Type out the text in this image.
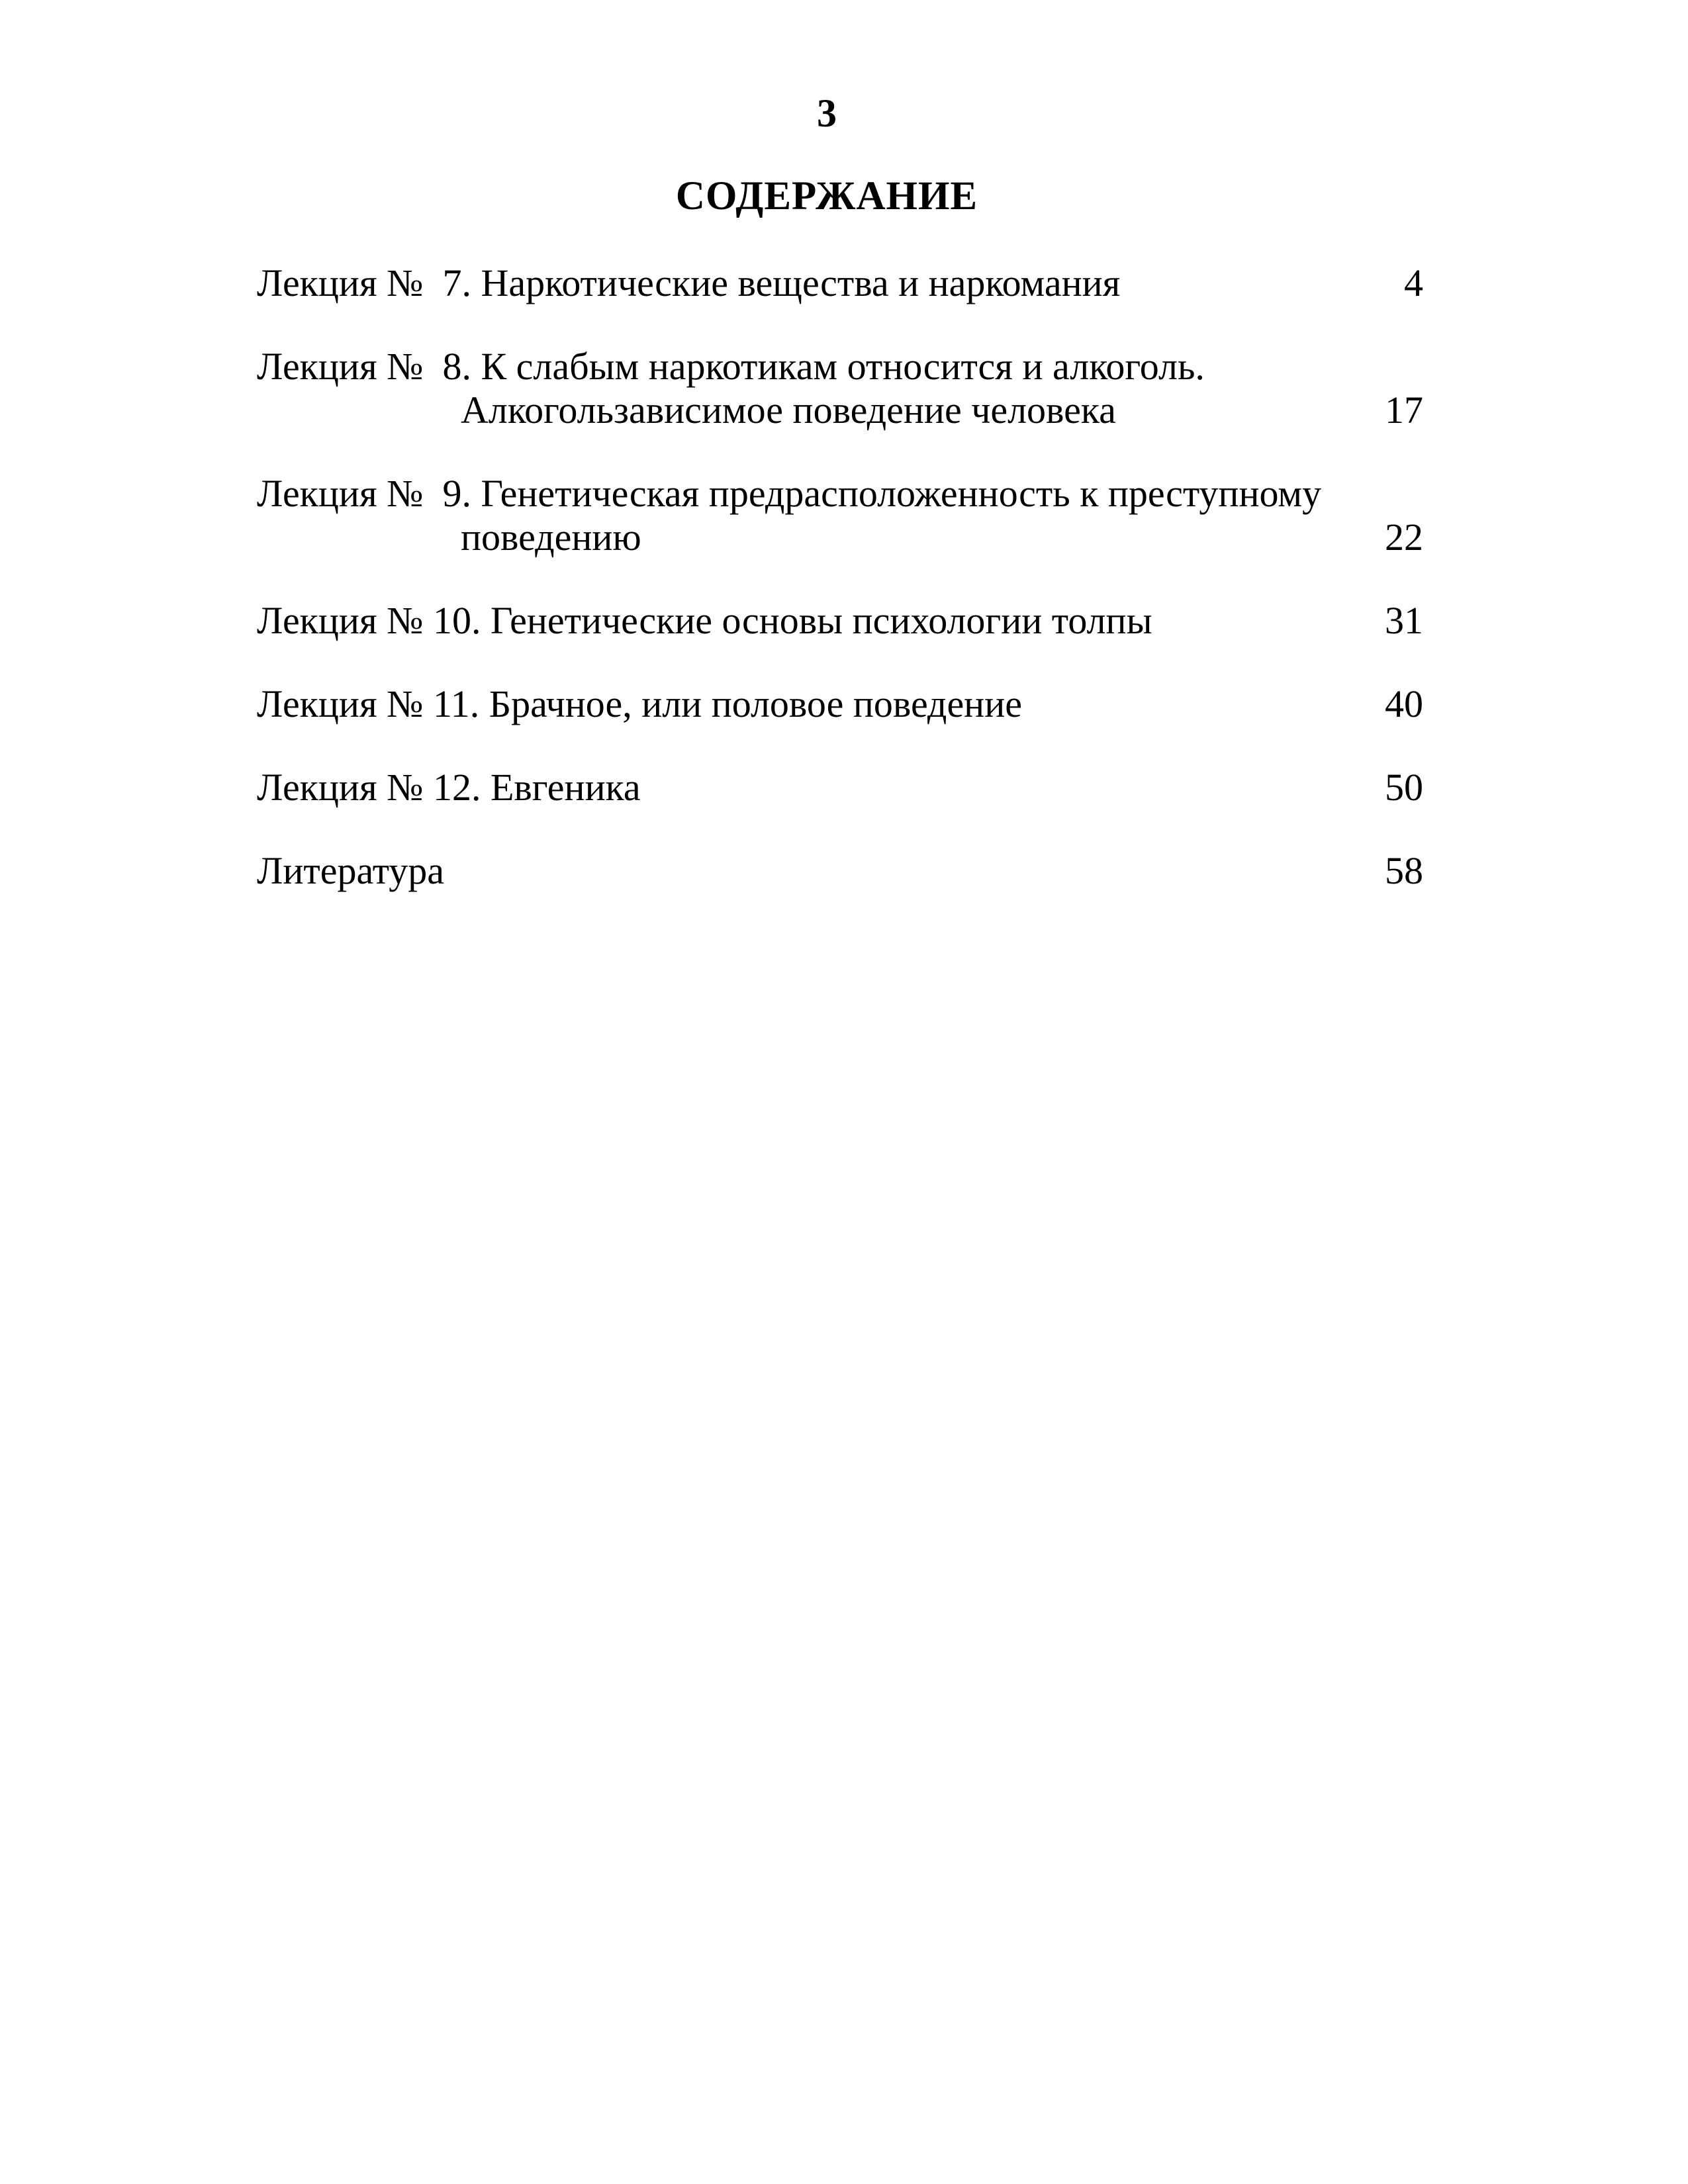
3
СОДЕРЖАНИЕ
Лекция №  7. Наркотические вещества и наркомания	4
Лекция №  8. К слабым наркотикам относится и алкоголь.
Алкогользависимое поведение человека	17
Лекция №  9. Генетическая предрасположенность к преступному
поведению	22
Лекция № 10. Генетические основы психологии толпы	31
Лекция № 11. Брачное, или половое поведение	40
Лекция № 12. Евгеника	50
Литература	58
